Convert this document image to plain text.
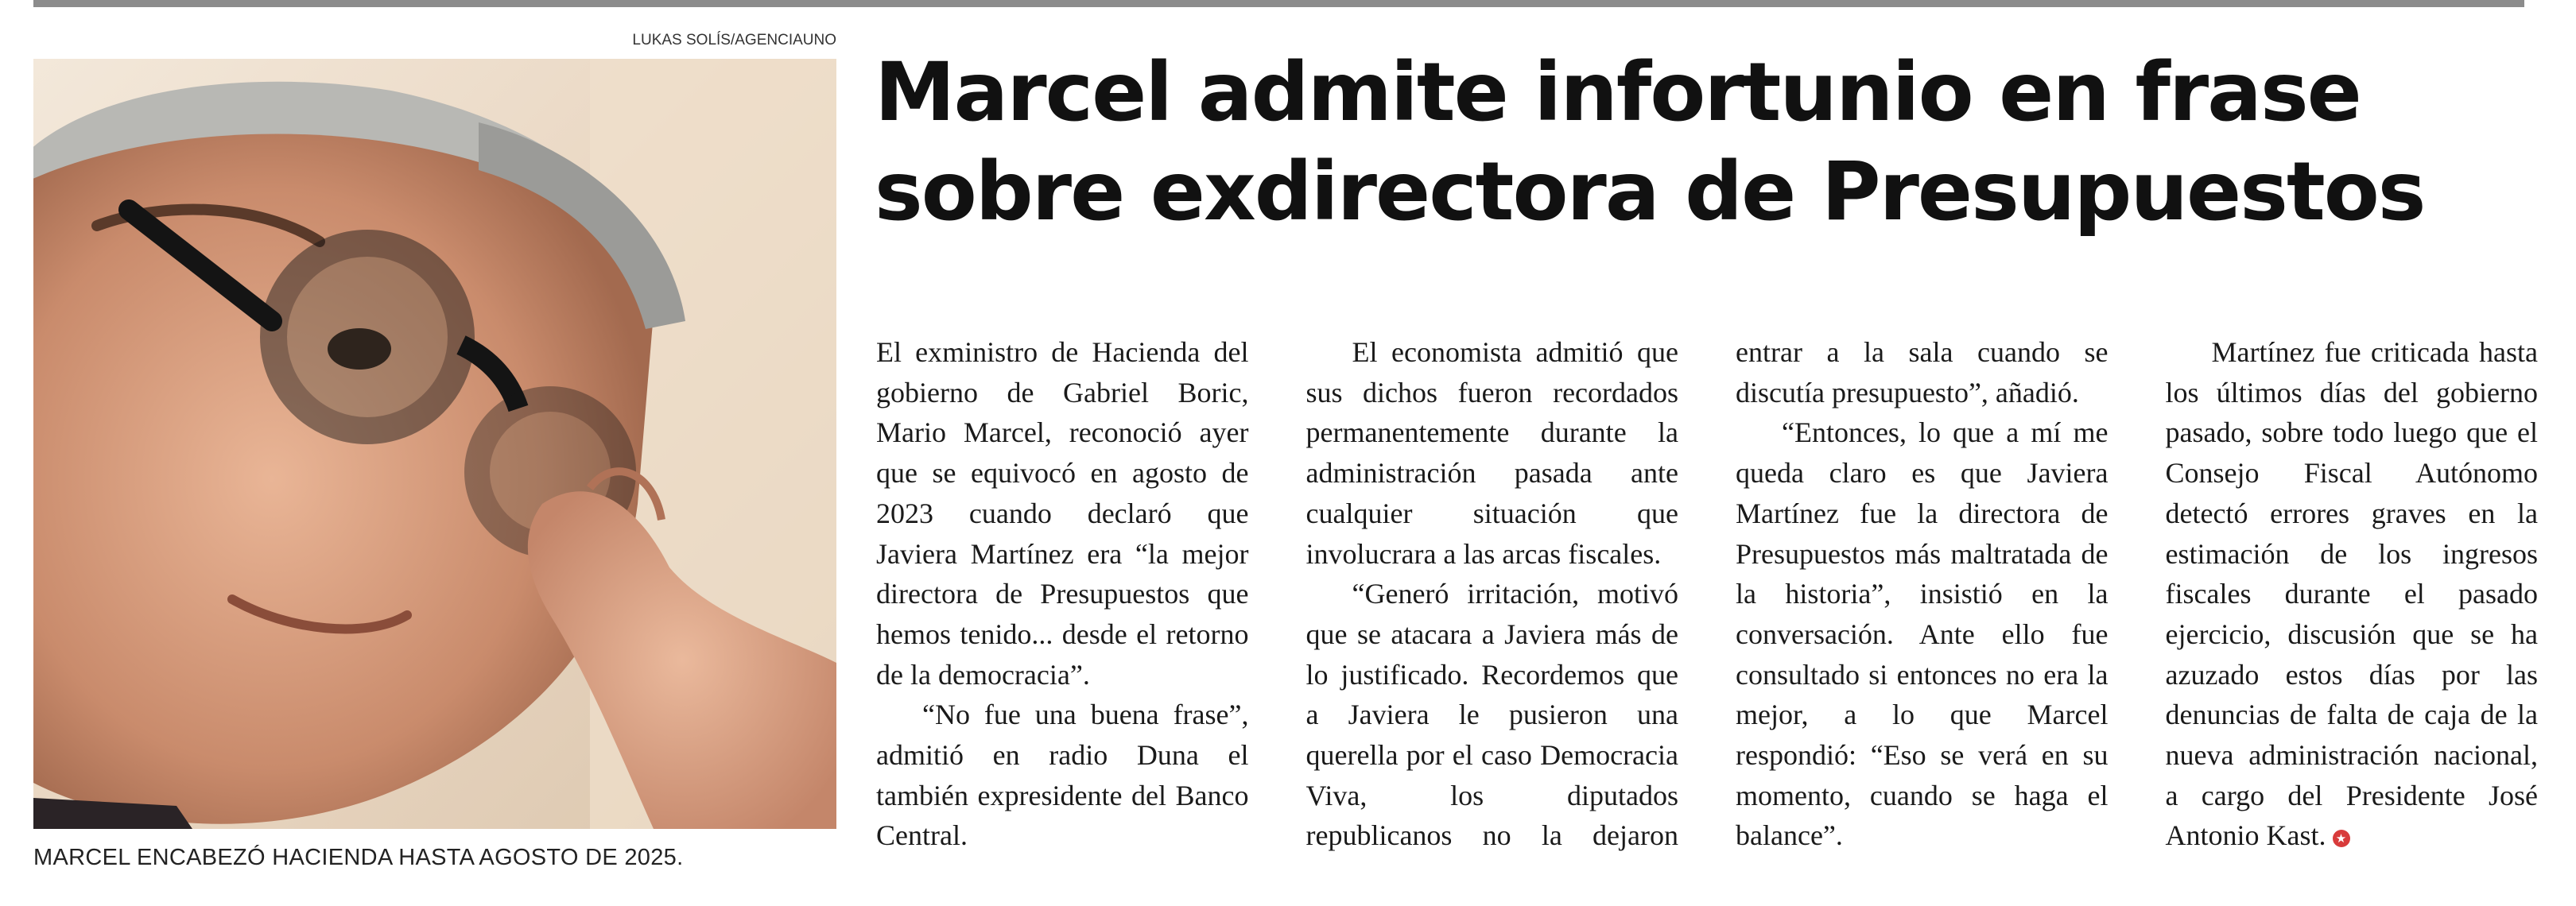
LUKAS SOLÍS/AGENCIAUNO
MARCEL ENCABEZÓ HACIENDA HASTA AGOSTO DE 2025.
Marcel admite infortunio en frase sobre exdirectora de Presupuestos

El exministro de Hacienda del gobierno de Gabriel Boric, Mario Marcel, reconoció ayer que se equivocó en agosto de 2023 cuando declaró que Javiera Martínez era “la mejor directora de Presupuestos que hemos tenido... desde el retorno de la democracia”.

“No fue una buena frase”, admitió en radio Duna el también expresidente del Banco Central.

El economista admitió que sus dichos fueron recordados permanentemente durante la administración pasada ante cualquier situación que involucrara a las arcas fiscales.

“Generó irritación, motivó que se atacara a Javiera más de lo justificado. Recordemos que a Javiera le pusieron una querella por el caso Democracia Viva, los diputados republicanos no la dejaron entrar a la sala cuando se discutía presupuesto”, añadió.

“Entonces, lo que a mí me queda claro es que Javiera Martínez fue la directora de Presupuestos más maltratada de la historia”, insistió en la conversación. Ante ello fue consultado si entonces no era la mejor, a lo que Marcel respondió: “Eso se verá en su momento, cuando se haga el balance”.

Martínez fue criticada hasta los últimos días del gobierno pasado, sobre todo luego que el Consejo Fiscal Autónomo detectó errores graves en la estimación de los ingresos fiscales durante el pasado ejercicio, discusión que se ha azuzado estos días por las denuncias de falta de caja de la nueva administración nacional, a cargo del Presidente José Antonio Kast. ★
